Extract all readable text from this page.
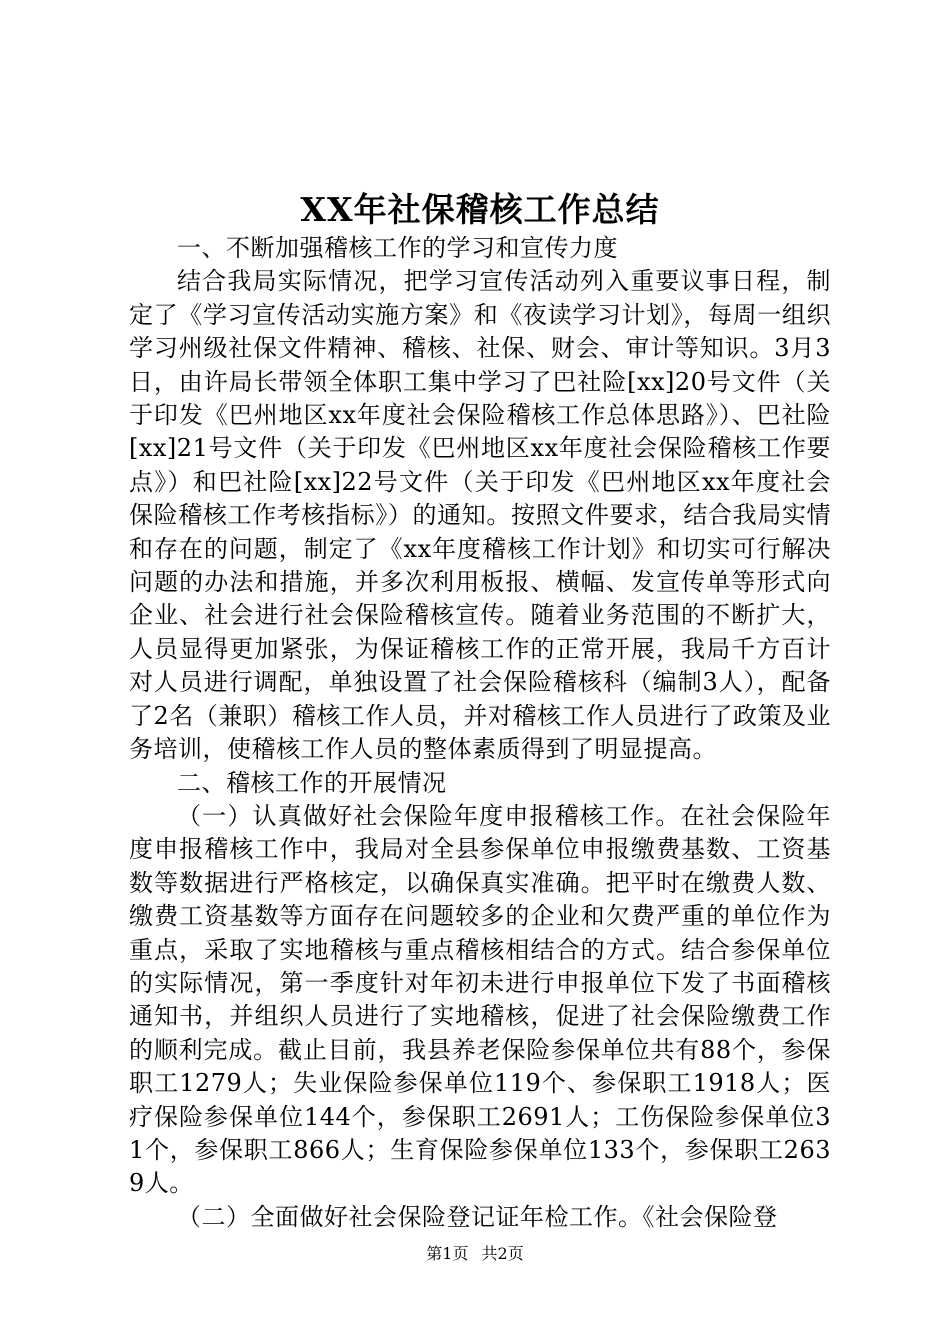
XX年社保稽核工作总结

一、不断加强稽核工作的学习和宣传力度

结合我局实际情况，把学习宣传活动列入重要议事日程，制定了《学习宣传活动实施方案》和《夜读学习计划》，每周一组织学习州级社保文件精神、稽核、社保、财会、审计等知识。3月3日，由许局长带领全体职工集中学习了巴社险[xx]20号文件（关于印发《巴州地区xx年度社会保险稽核工作总体思路》）、巴社险[xx]21号文件（关于印发《巴州地区xx年度社会保险稽核工作要点》）和巴社险[xx]22号文件（关于印发《巴州地区xx年度社会保险稽核工作考核指标》）的通知。按照文件要求，结合我局实情和存在的问题，制定了《xx年度稽核工作计划》和切实可行解决问题的办法和措施，并多次利用板报、横幅、发宣传单等形式向企业、社会进行社会保险稽核宣传。随着业务范围的不断扩大，人员显得更加紧张，为保证稽核工作的正常开展，我局千方百计对人员进行调配，单独设置了社会保险稽核科（编制3人），配备了2名（兼职）稽核工作人员，并对稽核工作人员进行了政策及业务培训，使稽核工作人员的整体素质得到了明显提高。

二、稽核工作的开展情况

（一）认真做好社会保险年度申报稽核工作。在社会保险年度申报稽核工作中，我局对全县参保单位申报缴费基数、工资基数等数据进行严格核定，以确保真实准确。把平时在缴费人数、缴费工资基数等方面存在问题较多的企业和欠费严重的单位作为重点，采取了实地稽核与重点稽核相结合的方式。结合参保单位的实际情况，第一季度针对年初未进行申报单位下发了书面稽核通知书，并组织人员进行了实地稽核，促进了社会保险缴费工作的顺利完成。截止目前，我县养老保险参保单位共有88个，参保职工1279人；失业保险参保单位119个、参保职工1918人；医疗保险参保单位144个，参保职工2691人；工伤保险参保单位31个，参保职工866人；生育保险参保单位133个，参保职工2639人。

（二）全面做好社会保险登记证年检工作。《社会保险登

第1页 共2页
